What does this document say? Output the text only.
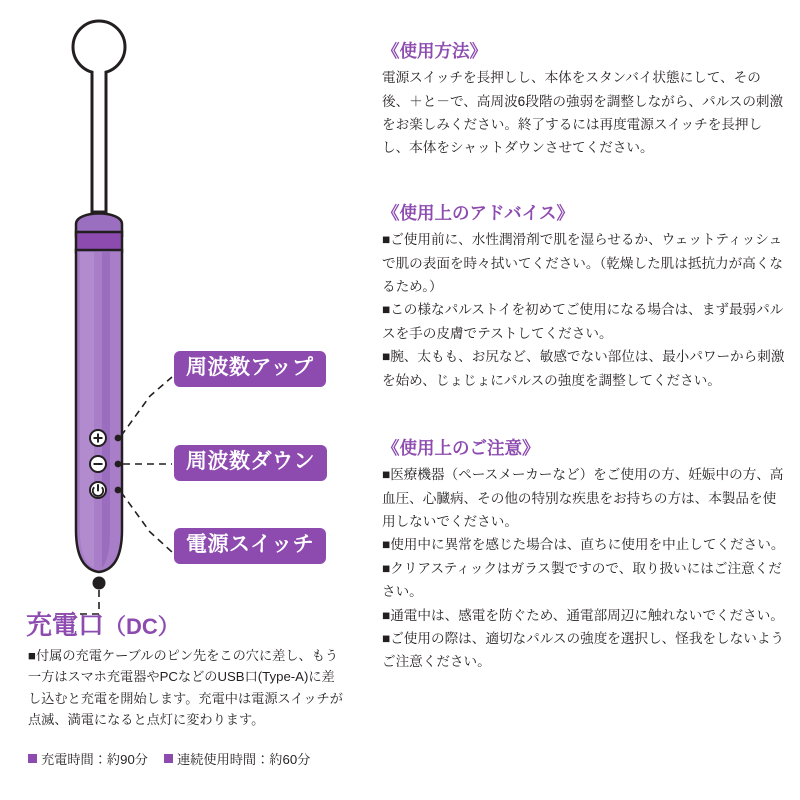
周波数アップ
周波数ダウン
電源スイッチ
充電口（DC）

■付属の充電ケーブルのピン先をこの穴に差し、もう一方はスマホ充電器やPCなどのUSB口(Type-A)に差し込むと充電を開始します。充電中は電源スイッチが点滅、満電になると点灯に変わります。

充電時間：約90分 連続使用時間：約60分
《使用方法》

電源スイッチを長押しし、本体をスタンバイ状態にして、その後、＋と－で、高周波6段階の強弱を調整しながら、パルスの刺激をお楽しみください。終了するには再度電源スイッチを長押しし、本体をシャットダウンさせてください。

《使用上のアドバイス》

■ご使用前に、水性潤滑剤で肌を湿らせるか、ウェットティッシュで肌の表面を時々拭いてください。（乾燥した肌は抵抗力が高くなるため。）

■この様なパルストイを初めてご使用になる場合は、まず最弱パルスを手の皮膚でテストしてください。

■腕、太もも、お尻など、敏感でない部位は、最小パワーから刺激を始め、じょじょにパルスの強度を調整してください。

《使用上のご注意》

■医療機器（ペースメーカーなど）をご使用の方、妊娠中の方、高血圧、心臓病、その他の特別な疾患をお持ちの方は、本製品を使用しないでください。

■使用中に異常を感じた場合は、直ちに使用を中止してください。

■クリアスティックはガラス製ですので、取り扱いにはご注意ください。

■通電中は、感電を防ぐため、通電部周辺に触れないでください。

■ご使用の際は、適切なパルスの強度を選択し、怪我をしないようご注意ください。
